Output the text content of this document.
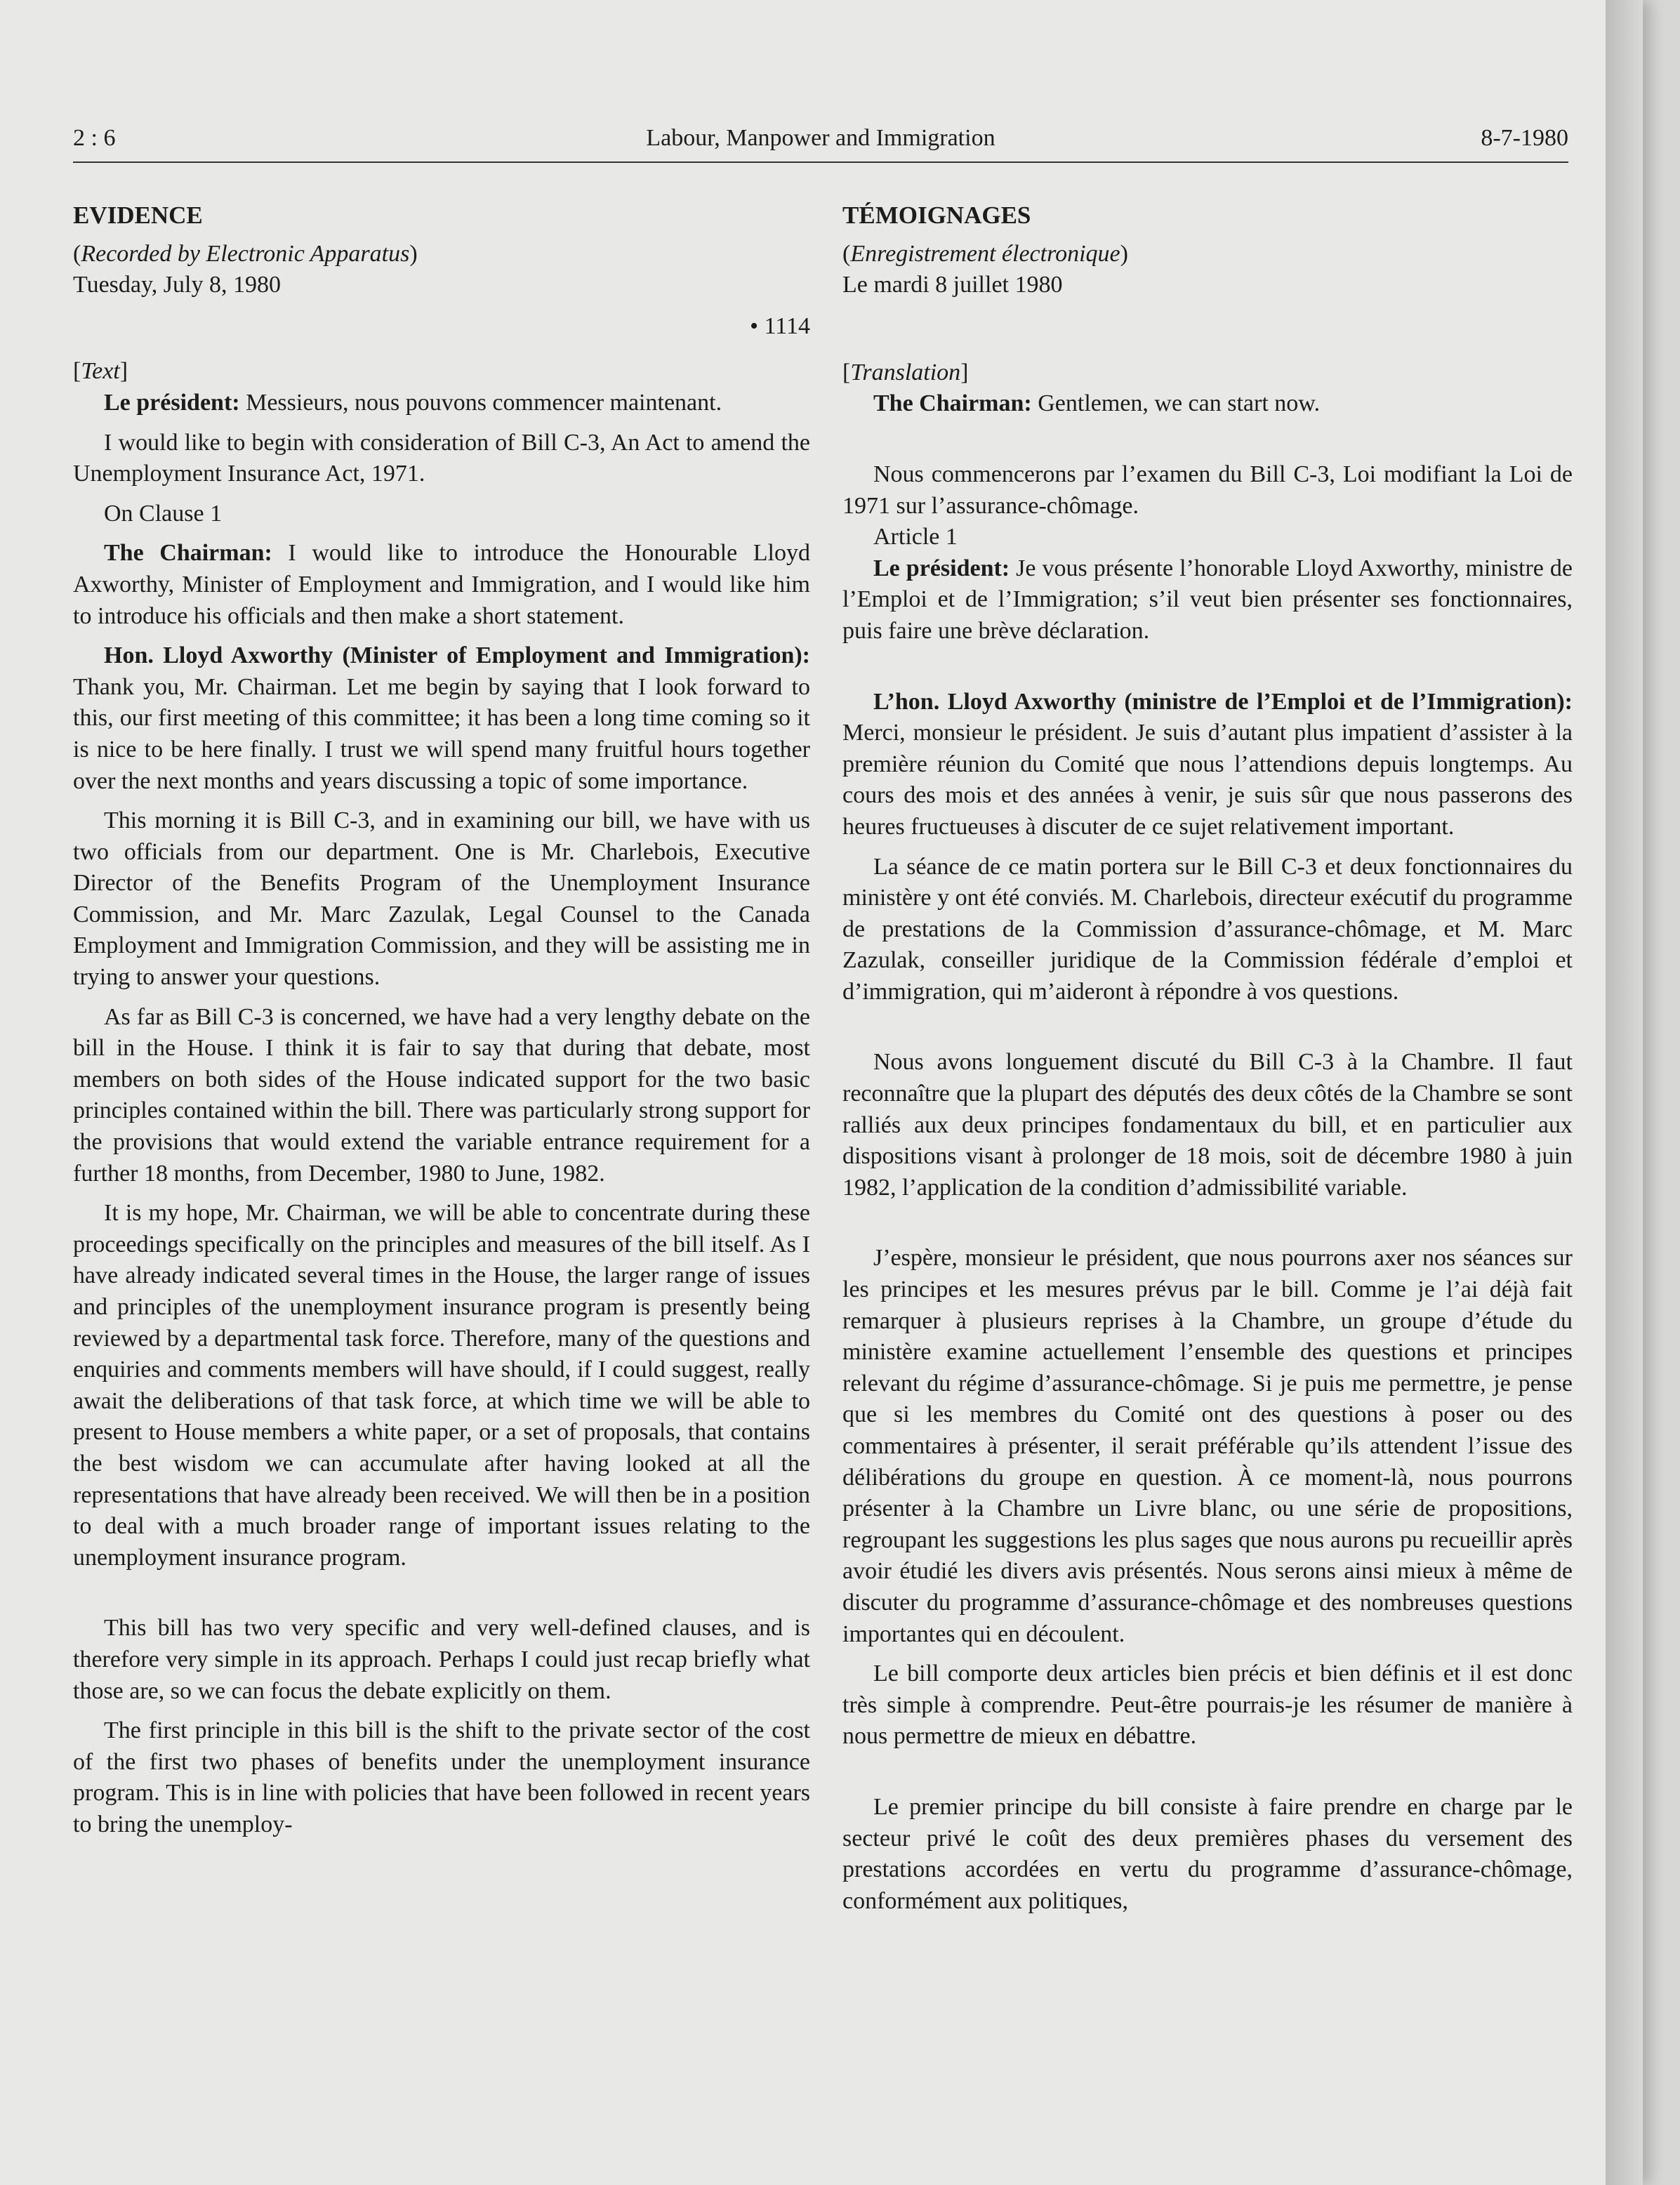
2 : 6	Labour, Manpower and Immigration	8-7-1980

EVIDENCE

(Recorded by Electronic Apparatus)

Tuesday, July 8, 1980

• 1114

[Text]

Le président: Messieurs, nous pouvons commencer maintenant.

I would like to begin with consideration of Bill C-3, An Act to amend the Unemployment Insurance Act, 1971.

On Clause 1

The Chairman: I would like to introduce the Honourable Lloyd Axworthy, Minister of Employment and Immigration, and I would like him to introduce his officials and then make a short statement.

Hon. Lloyd Axworthy (Minister of Employment and Immigration): Thank you, Mr. Chairman. Let me begin by saying that I look forward to this, our first meeting of this committee; it has been a long time coming so it is nice to be here finally. I trust we will spend many fruitful hours together over the next months and years discussing a topic of some importance.

This morning it is Bill C-3, and in examining our bill, we have with us two officials from our department. One is Mr. Charlebois, Executive Director of the Benefits Program of the Unemployment Insurance Commission, and Mr. Marc Zazulak, Legal Counsel to the Canada Employment and Immigration Commission, and they will be assisting me in trying to answer your questions.

As far as Bill C-3 is concerned, we have had a very lengthy debate on the bill in the House. I think it is fair to say that during that debate, most members on both sides of the House indicated support for the two basic principles contained within the bill. There was particularly strong support for the provisions that would extend the variable entrance requirement for a further 18 months, from December, 1980 to June, 1982.

It is my hope, Mr. Chairman, we will be able to concentrate during these proceedings specifically on the principles and measures of the bill itself. As I have already indicated several times in the House, the larger range of issues and principles of the unemployment insurance program is presently being reviewed by a departmental task force. Therefore, many of the questions and enquiries and comments members will have should, if I could suggest, really await the deliberations of that task force, at which time we will be able to present to House members a white paper, or a set of proposals, that contains the best wisdom we can accumulate after having looked at all the representations that have already been received. We will then be in a position to deal with a much broader range of important issues relating to the unemployment insurance program.

This bill has two very specific and very well-defined clauses, and is therefore very simple in its approach. Perhaps I could just recap briefly what those are, so we can focus the debate explicitly on them.

The first principle in this bill is the shift to the private sector of the cost of the first two phases of benefits under the unemployment insurance program. This is in line with policies that have been followed in recent years to bring the unemploy-

TÉMOIGNAGES

(Enregistrement électronique)

Le mardi 8 juillet 1980

[Translation]

The Chairman: Gentlemen, we can start now.

Nous commencerons par l’examen du Bill C-3, Loi modifiant la Loi de 1971 sur l’assurance-chômage.

Article 1

Le président: Je vous présente l’honorable Lloyd Axworthy, ministre de l’Emploi et de l’Immigration; s’il veut bien présenter ses fonctionnaires, puis faire une brève déclaration.

L’hon. Lloyd Axworthy (ministre de l’Emploi et de l’Immigration): Merci, monsieur le président. Je suis d’autant plus impatient d’assister à la première réunion du Comité que nous l’attendions depuis longtemps. Au cours des mois et des années à venir, je suis sûr que nous passerons des heures fructueuses à discuter de ce sujet relativement important.

La séance de ce matin portera sur le Bill C-3 et deux fonctionnaires du ministère y ont été conviés. M. Charlebois, directeur exécutif du programme de prestations de la Commission d’assurance-chômage, et M. Marc Zazulak, conseiller juridique de la Commission fédérale d’emploi et d’immigration, qui m’aideront à répondre à vos questions.

Nous avons longuement discuté du Bill C-3 à la Chambre. Il faut reconnaître que la plupart des députés des deux côtés de la Chambre se sont ralliés aux deux principes fondamentaux du bill, et en particulier aux dispositions visant à prolonger de 18 mois, soit de décembre 1980 à juin 1982, l’application de la condition d’admissibilité variable.

J’espère, monsieur le président, que nous pourrons axer nos séances sur les principes et les mesures prévus par le bill. Comme je l’ai déjà fait remarquer à plusieurs reprises à la Chambre, un groupe d’étude du ministère examine actuellement l’ensemble des questions et principes relevant du régime d’assurance-chômage. Si je puis me permettre, je pense que si les membres du Comité ont des questions à poser ou des commentaires à présenter, il serait préférable qu’ils attendent l’issue des délibérations du groupe en question. À ce moment-là, nous pourrons présenter à la Chambre un Livre blanc, ou une série de propositions, regroupant les suggestions les plus sages que nous aurons pu recueillir après avoir étudié les divers avis présentés. Nous serons ainsi mieux à même de discuter du programme d’assurance-chômage et des nombreuses questions importantes qui en découlent.

Le bill comporte deux articles bien précis et bien définis et il est donc très simple à comprendre. Peut-être pourrais-je les résumer de manière à nous permettre de mieux en débattre.

Le premier principe du bill consiste à faire prendre en charge par le secteur privé le coût des deux premières phases du versement des prestations accordées en vertu du programme d’assurance-chômage, conformément aux politiques,
